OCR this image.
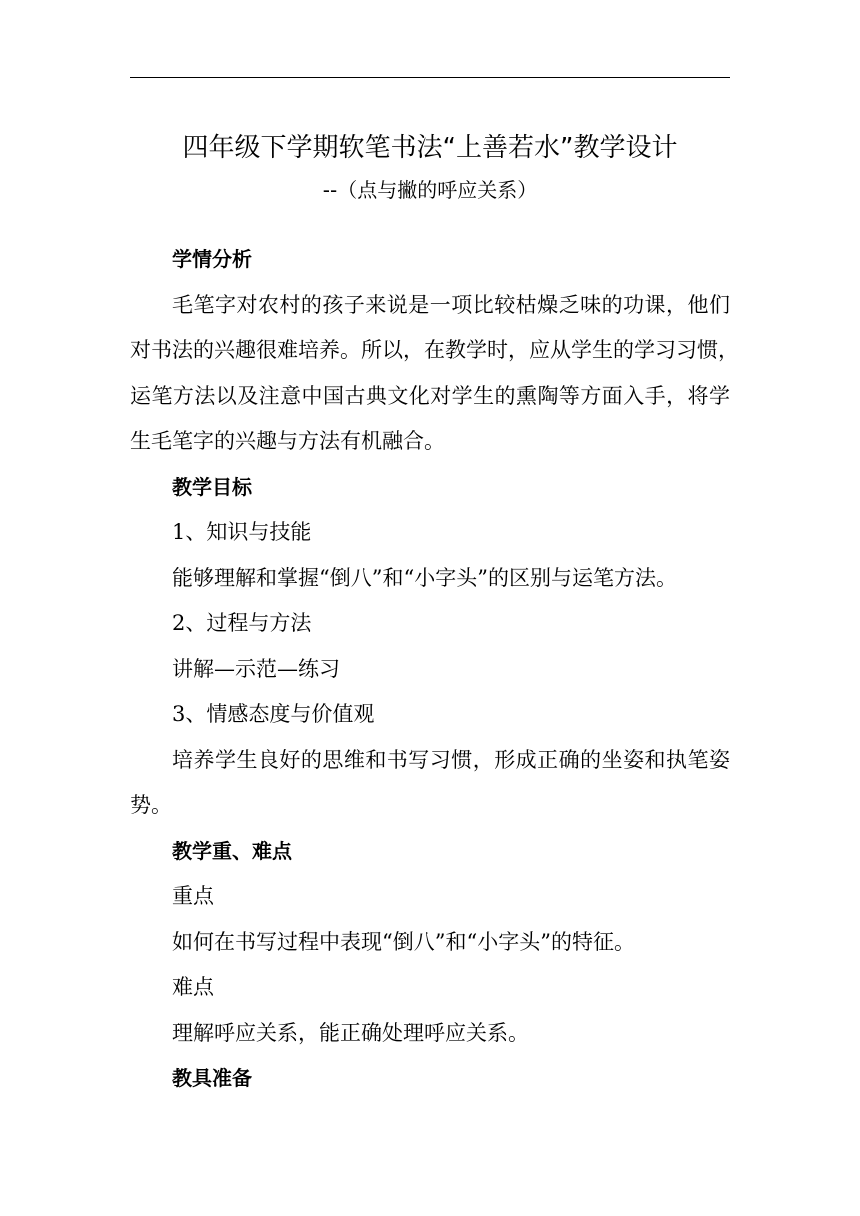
四年级下学期软笔书法“上善若水”教学设计
--（点与撇的呼应关系）
学情分析
毛笔字对农村的孩子来说是一项比较枯燥乏味的功课，他们
对书法的兴趣很难培养。所以，在教学时，应从学生的学习习惯，
运笔方法以及注意中国古典文化对学生的熏陶等方面入手，将学
生毛笔字的兴趣与方法有机融合。
教学目标
1、知识与技能
能够理解和掌握“倒八”和“小字头”的区别与运笔方法。
2、过程与方法
讲解—示范—练习
3、情感态度与价值观
培养学生良好的思维和书写习惯，形成正确的坐姿和执笔姿
势。
教学重、难点
重点
如何在书写过程中表现“倒八”和“小字头”的特征。
难点
理解呼应关系，能正确处理呼应关系。
教具准备
